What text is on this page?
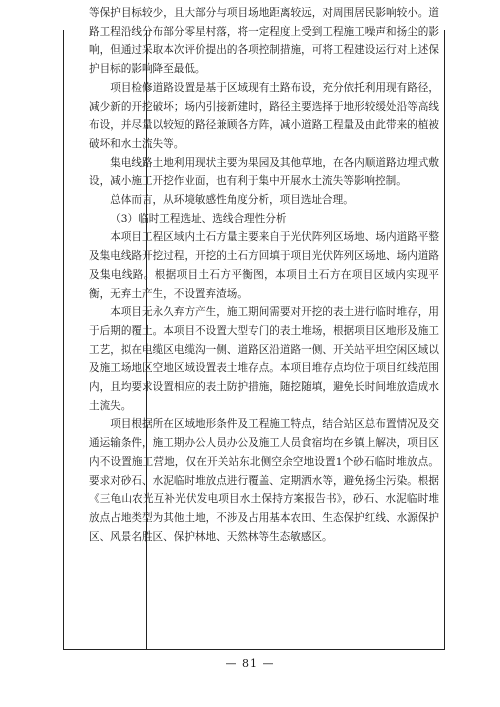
等保护目标较少，且大部分与项目场地距离较远，对周围居民影响较小。道路工程沿线分布部分零星村落，将一定程度上受到工程施工噪声和扬尘的影响，但通过采取本次评价提出的各项控制措施，可将工程建设运行对上述保护目标的影响降至最低。

项目检修道路设置是基于区域现有土路布设，充分依托利用现有路径，减少新的开挖破坏；场内引接新建时，路径主要选择于地形较缓处沿等高线布设，并尽量以较短的路径兼顾各方阵，减小道路工程量及由此带来的植被破坏和水土流失等。

集电线路土地利用现状主要为果园及其他草地，在各内顺道路边埋式敷设，减小施工开挖作业面，也有利于集中开展水土流失等影响控制。

总体而言，从环境敏感性角度分析，项目选址合理。

（3）临时工程选址、选线合理性分析

本项目工程区域内土石方量主要来自于光伏阵列区场地、场内道路平整及集电线路开挖过程，开挖的土石方回填于项目光伏阵列区场地、场内道路及集电线路。根据项目土石方平衡图，本项目土石方在项目区域内实现平衡，无弃土产生，不设置弃渣场。

本项目无永久弃方产生，施工期间需要对开挖的表土进行临时堆存，用于后期的覆土。本项目不设置大型专门的表土堆场，根据项目区地形及施工工艺，拟在电缆区电缆沟一侧、道路区沿道路一侧、开关站平坦空闲区域以及施工场地区空地区域设置表土堆存点。本项目堆存点均位于项目红线范围内，且均要求设置相应的表土防护措施，随挖随填，避免长时间堆放造成水土流失。

项目根据所在区域地形条件及工程施工特点，结合站区总布置情况及交通运输条件，施工期办公人员办公及施工人员食宿均在乡镇上解决，项目区内不设置施工营地，仅在开关站东北侧空余空地设置1个砂石临时堆放点。要求对砂石、水泥临时堆放点进行覆盖、定期洒水等，避免扬尘污染。根据《三龟山农光互补光伏发电项目水土保持方案报告书》，砂石、水泥临时堆放点占地类型为其他土地，不涉及占用基本农田、生态保护红线、水源保护区、风景名胜区、保护林地、天然林等生态敏感区。

— 81 —
